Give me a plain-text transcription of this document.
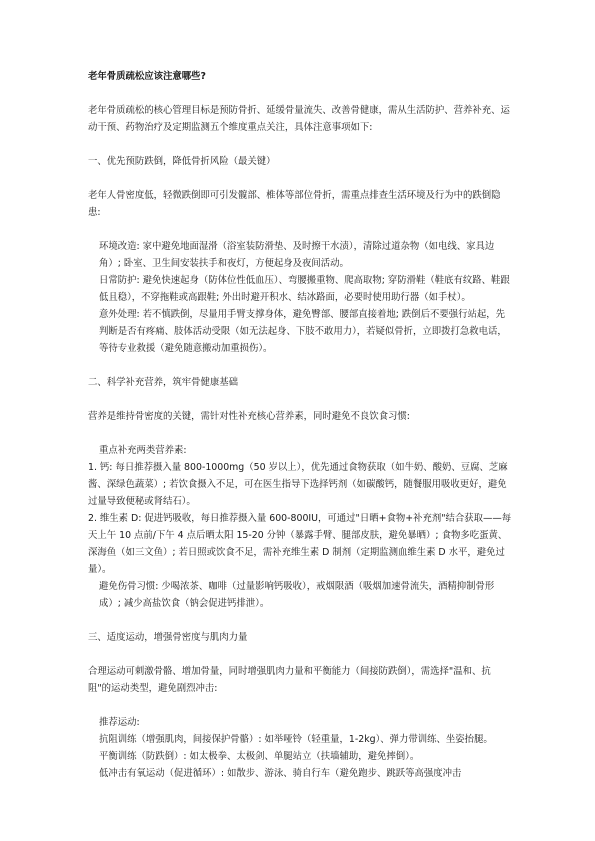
老年骨质疏松应该注意哪些?

老年骨质疏松的核心管理目标是预防骨折、延缓骨量流失、改善骨健康，需从生活防护、营养补充、运动干预、药物治疗及定期监测五个维度重点关注，具体注意事项如下:

一、优先预防跌倒，降低骨折风险（最关键）

老年人骨密度低，轻微跌倒即可引发髋部、椎体等部位骨折，需重点排查生活环境及行为中的跌倒隐患:

环境改造: 家中避免地面湿滑（浴室装防滑垫、及时擦干水渍），清除过道杂物（如电线、家具边角）; 卧室、卫生间安装扶手和夜灯，方便起身及夜间活动。

日常防护: 避免快速起身（防体位性低血压）、弯腰搬重物、爬高取物; 穿防滑鞋（鞋底有纹路、鞋跟低且稳），不穿拖鞋或高跟鞋; 外出时避开积水、结冰路面，必要时使用助行器（如手杖）。

意外处理: 若不慎跌倒，尽量用手臂支撑身体，避免臀部、腰部直接着地; 跌倒后不要强行站起，先判断是否有疼痛、肢体活动受限（如无法起身、下肢不敢用力），若疑似骨折，立即拨打急救电话，等待专业救援（避免随意搬动加重损伤）。

二、科学补充营养，筑牢骨健康基础

营养是维持骨密度的关键，需针对性补充核心营养素，同时避免不良饮食习惯:

重点补充两类营养素:

1. 钙: 每日推荐摄入量 800-1000mg（50 岁以上），优先通过食物获取（如牛奶、酸奶、豆腐、芝麻酱、深绿色蔬菜）; 若饮食摄入不足，可在医生指导下选择钙剂（如碳酸钙，随餐服用吸收更好，避免过量导致便秘或肾结石）。

2. 维生素 D: 促进钙吸收，每日推荐摄入量 600-800IU，可通过"日晒+食物+补充剂"结合获取——每天上午 10 点前/下午 4 点后晒太阳 15-20 分钟（暴露手臂、腿部皮肤，避免暴晒）; 食物多吃蛋黄、深海鱼（如三文鱼）; 若日照或饮食不足，需补充维生素 D 制剂（定期监测血维生素 D 水平，避免过量）。

避免伤骨习惯: 少喝浓茶、咖啡（过量影响钙吸收），戒烟限酒（吸烟加速骨流失，酒精抑制骨形成）; 减少高盐饮食（钠会促进钙排泄）。

三、适度运动，增强骨密度与肌肉力量

合理运动可刺激骨骼、增加骨量，同时增强肌肉力量和平衡能力（间接防跌倒），需选择"温和、抗阻"的运动类型，避免剧烈冲击:

推荐运动:

抗阻训练（增强肌肉，间接保护骨骼）: 如举哑铃（轻重量，1-2kg）、弹力带训练、坐姿抬腿。

平衡训练（防跌倒）: 如太极拳、太极剑、单腿站立（扶墙辅助，避免摔倒）。

低冲击有氧运动（促进循环）: 如散步、游泳、骑自行车（避免跑步、跳跃等高强度冲击
